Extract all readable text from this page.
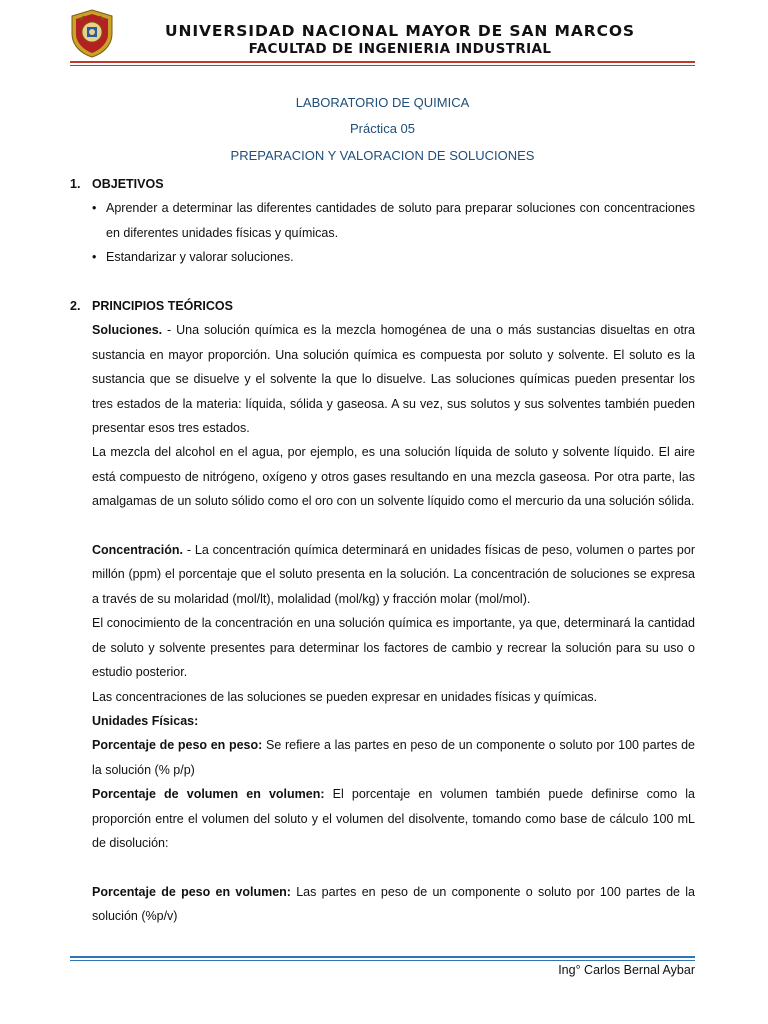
UNIVERSIDAD NACIONAL MAYOR DE SAN MARCOS
FACULTAD DE INGENIERIA INDUSTRIAL
LABORATORIO DE QUIMICA
Práctica 05
PREPARACION Y VALORACION DE SOLUCIONES
1. OBJETIVOS
• Aprender a determinar las diferentes cantidades de soluto para preparar soluciones con concentraciones en diferentes unidades físicas y químicas.
• Estandarizar y valorar soluciones.
2. PRINCIPIOS TEÓRICOS

Soluciones. - Una solución química es la mezcla homogénea de una o más sustancias disueltas en otra sustancia en mayor proporción. Una solución química es compuesta por soluto y solvente. El soluto es la sustancia que se disuelve y el solvente la que lo disuelve. Las soluciones químicas pueden presentar los tres estados de la materia: líquida, sólida y gaseosa. A su vez, sus solutos y sus solventes también pueden presentar esos tres estados.

La mezcla del alcohol en el agua, por ejemplo, es una solución líquida de soluto y solvente líquido. El aire está compuesto de nitrógeno, oxígeno y otros gases resultando en una mezcla gaseosa. Por otra parte, las amalgamas de un soluto sólido como el oro con un solvente líquido como el mercurio da una solución sólida.

Concentración. - La concentración química determinará en unidades físicas de peso, volumen o partes por millón (ppm) el porcentaje que el soluto presenta en la solución. La concentración de soluciones se expresa a través de su molaridad (mol/lt), molalidad (mol/kg) y fracción molar (mol/mol).

El conocimiento de la concentración en una solución química es importante, ya que, determinará la cantidad de soluto y solvente presentes para determinar los factores de cambio y recrear la solución para su uso o estudio posterior.

Las concentraciones de las soluciones se pueden expresar en unidades físicas y químicas.

Unidades Físicas:

Porcentaje de peso en peso: Se refiere a las partes en peso de un componente o soluto por 100 partes de la solución (% p/p)

Porcentaje de volumen en volumen: El porcentaje en volumen también puede definirse como la proporción entre el volumen del soluto y el volumen del disolvente, tomando como base de cálculo 100 mL de disolución:

Porcentaje de peso en volumen: Las partes en peso de un componente o soluto por 100 partes de la solución (%p/v)

Ing° Carlos Bernal Aybar
